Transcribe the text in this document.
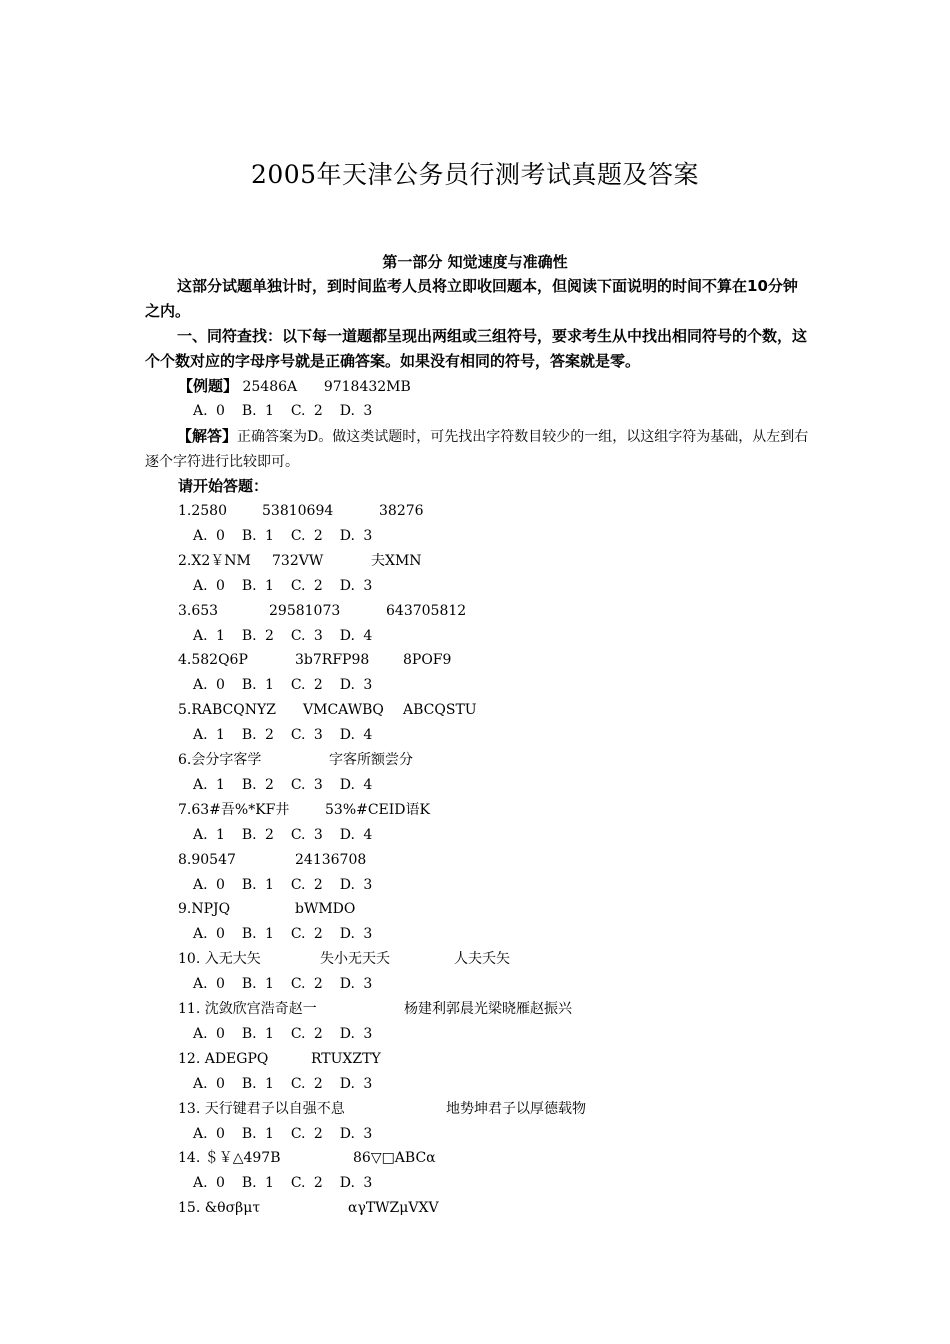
2005年天津公务员行测考试真题及答案
第一部分 知觉速度与准确性
这部分试题单独计时，到时间监考人员将立即收回题本，但阅读下面说明的时间不算在10分钟之内。
一、同符查找：以下每一道题都呈现出两组或三组符号，要求考生从中找出相同符号的个数，这个个数对应的字母序号就是正确答案。如果没有相同的符号，答案就是零。
【例题】 25486A 9718432MB
A. 0  B. 1  C. 2  D. 3
【解答】正确答案为D。做这类试题时，可先找出字符数目较少的一组，以这组字符为基础，从左到右逐个字符进行比较即可。
请开始答题：
1.2580	53810694	38276
A. 0  B. 1  C. 2  D. 3
2.X2￥NM 732VW	夫XMN
A. 0  B. 1  C. 2  D. 3
3.653	29581073	643705812
A. 1  B. 2  C. 3  D. 4
4.582Q6P	3b7RFP98 8POF9
A. 0  B. 1  C. 2  D. 3
5.RABCQNYZ VMCAWBQ ABCQSTU
A. 1  B. 2  C. 3  D. 4
6.会分字客学	字客所额尝分
A. 1  B. 2  C. 3  D. 4
7.63#吾%*KF井	53%#CEID语K
A. 1  B. 2  C. 3  D. 4
8.90547	24136708
A. 0  B. 1  C. 2  D. 3
9.NPJQ	bWMDO
A. 0  B. 1  C. 2  D. 3
10. 入无大矢	失小无天夭	人夫夭矢
A. 0  B. 1  C. 2  D. 3
11. 沈敛欣宫浩奇赵一	杨建利郭晨光梁晓雁赵振兴
A. 0  B. 1  C. 2  D. 3
12. ADEGPQ	RTUXZTY
A. 0  B. 1  C. 2  D. 3
13. 天行键君子以自强不息	地势坤君子以厚德载物
A. 0  B. 1  C. 2  D. 3
14. ＄￥△497B	86▽□ABCα
A. 0  B. 1  C. 2  D. 3
15. &θσβμτ	αγTWZμVXV
